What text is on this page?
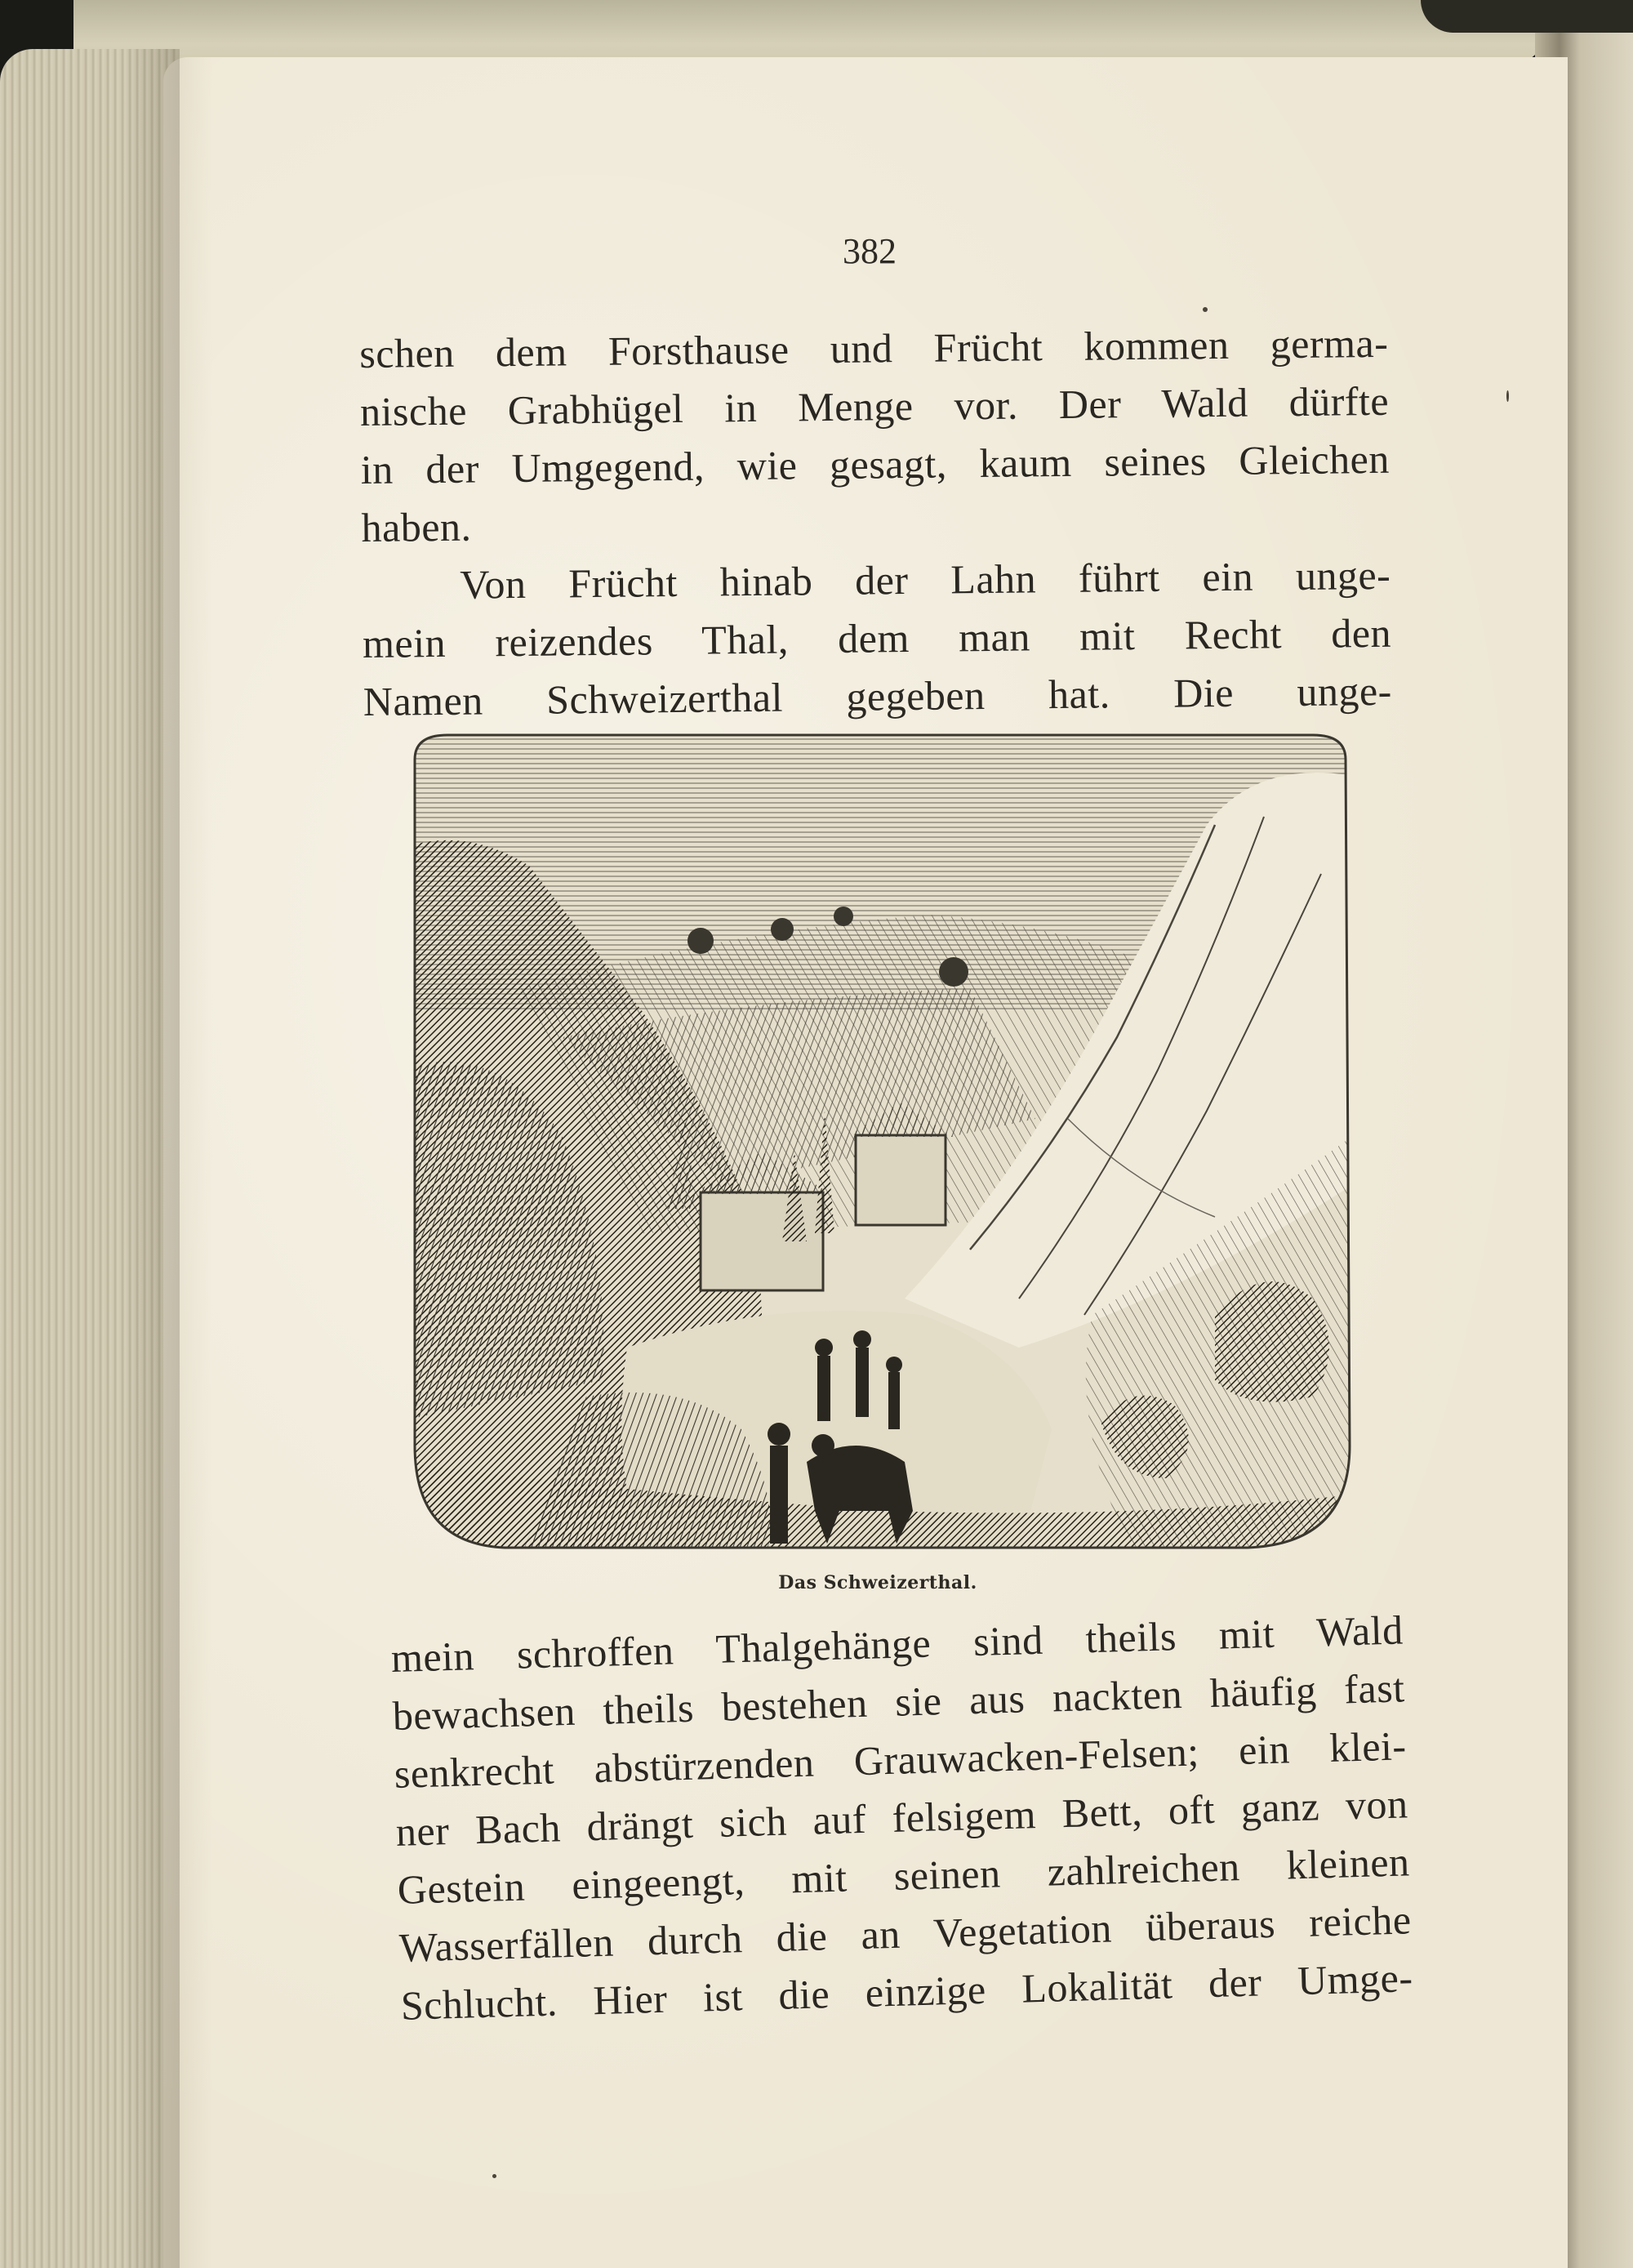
382
schen dem Forsthause und Frücht kommen germa-
nische Grabhügel in Menge vor. Der Wald dürfte
in der Umgegend, wie gesagt, kaum seines Gleichen
haben.
Von Frücht hinab der Lahn führt ein unge-
mein reizendes Thal, dem man mit Recht den
Namen Schweizerthal gegeben hat. Die unge-
Das Schweizerthal.
mein schroffen Thalgehänge sind theils mit Wald
bewachsen theils bestehen sie aus nackten häufig fast
senkrecht abstürzenden Grauwacken-Felsen; ein klei-
ner Bach drängt sich auf felsigem Bett, oft ganz von
Gestein eingeengt, mit seinen zahlreichen kleinen
Wasserfällen durch die an Vegetation überaus reiche
Schlucht. Hier ist die einzige Lokalität der Umge-
